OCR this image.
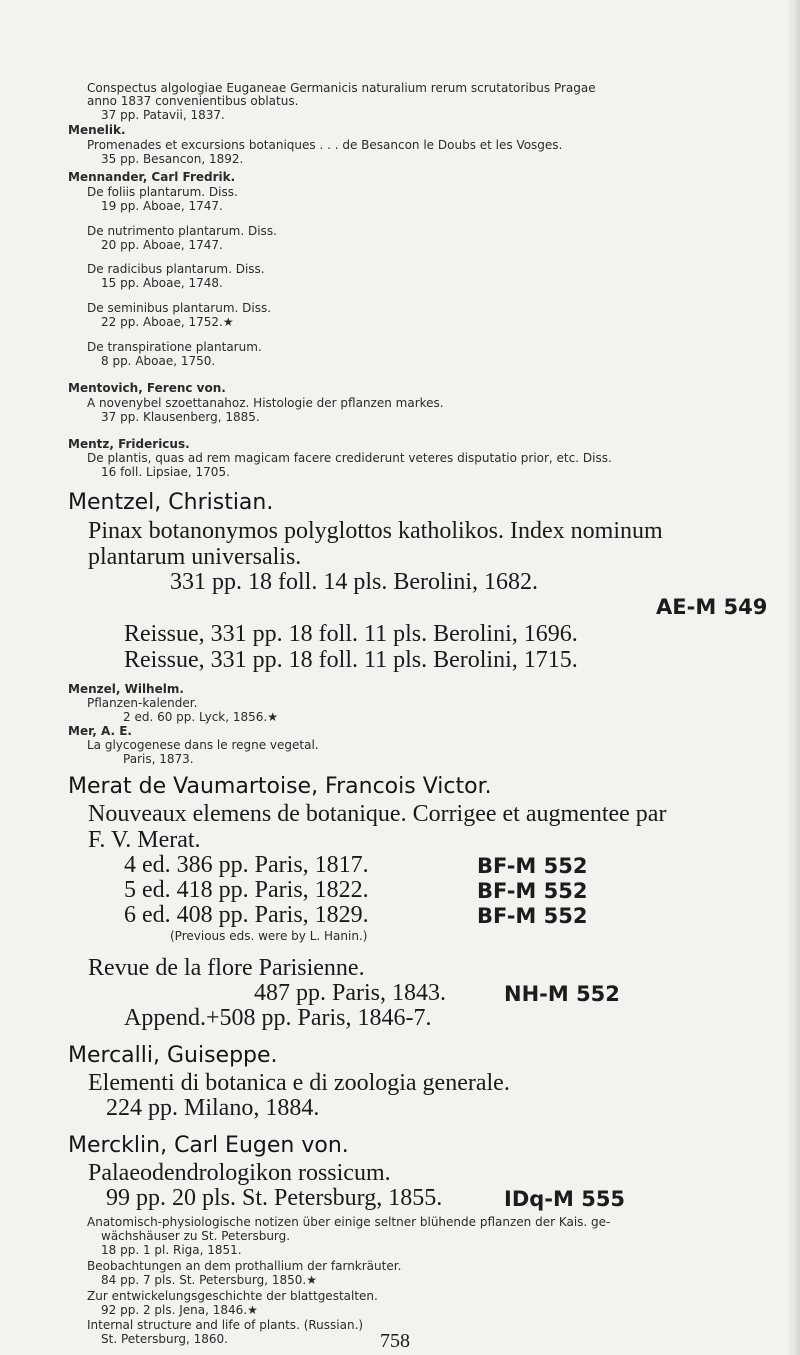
Conspectus algologiae Euganeae Germanicis naturalium rerum scrutatoribus Pragae
anno 1837 convenientibus oblatus.
37 pp. Patavii, 1837.
Menelik.
Promenades et excursions botaniques . . . de Besancon le Doubs et les Vosges.
35 pp. Besancon, 1892.
Mennander, Carl Fredrik.
De foliis plantarum. Diss.
19 pp. Aboae, 1747.
De nutrimento plantarum. Diss.
20 pp. Aboae, 1747.
De radicibus plantarum. Diss.
15 pp. Aboae, 1748.
De seminibus plantarum. Diss.
22 pp. Aboae, 1752.★
De transpiratione plantarum.
8 pp. Aboae, 1750.
Mentovich, Ferenc von.
A novenybel szoettanahoz. Histologie der pflanzen markes.
37 pp. Klausenberg, 1885.
Mentz, Fridericus.
De plantis, quas ad rem magicam facere crediderunt veteres disputatio prior, etc. Diss.
16 foll. Lipsiae, 1705.
Mentzel, Christian.
Pinax botanonymos polyglottos katholikos. Index nominum
plantarum universalis.
331 pp. 18 foll. 14 pls. Berolini, 1682.
AE-M 549
Reissue, 331 pp. 18 foll. 11 pls. Berolini, 1696.
Reissue, 331 pp. 18 foll. 11 pls. Berolini, 1715.
Menzel, Wilhelm.
Pflanzen-kalender.
2 ed. 60 pp. Lyck, 1856.★
Mer, A. E.
La glycogenese dans le regne vegetal.
Paris, 1873.
Merat de Vaumartoise, Francois Victor.
Nouveaux elemens de botanique. Corrigee et augmentee par
F. V. Merat.
4 ed. 386 pp. Paris, 1817.	BF-M 552
5 ed. 418 pp. Paris, 1822.	BF-M 552
6 ed. 408 pp. Paris, 1829.	BF-M 552
(Previous eds. were by L. Hanin.)
Revue de la flore Parisienne.
487 pp. Paris, 1843.	NH-M 552
Append.+508 pp. Paris, 1846-7.
Mercalli, Guiseppe.
Elementi di botanica e di zoologia generale.
224 pp. Milano, 1884.
Mercklin, Carl Eugen von.
Palaeodendrologikon rossicum.
99 pp. 20 pls. St. Petersburg, 1855.	IDq-M 555
Anatomisch-physiologische notizen über einige seltner blühende pflanzen der Kais. ge-
wächshäuser zu St. Petersburg.
18 pp. 1 pl. Riga, 1851.
Beobachtungen an dem prothallium der farnkräuter.
84 pp. 7 pls. St. Petersburg, 1850.★
Zur entwickelungsgeschichte der blattgestalten.
92 pp. 2 pls. Jena, 1846.★
Internal structure and life of plants. (Russian.)
St. Petersburg, 1860.	758
